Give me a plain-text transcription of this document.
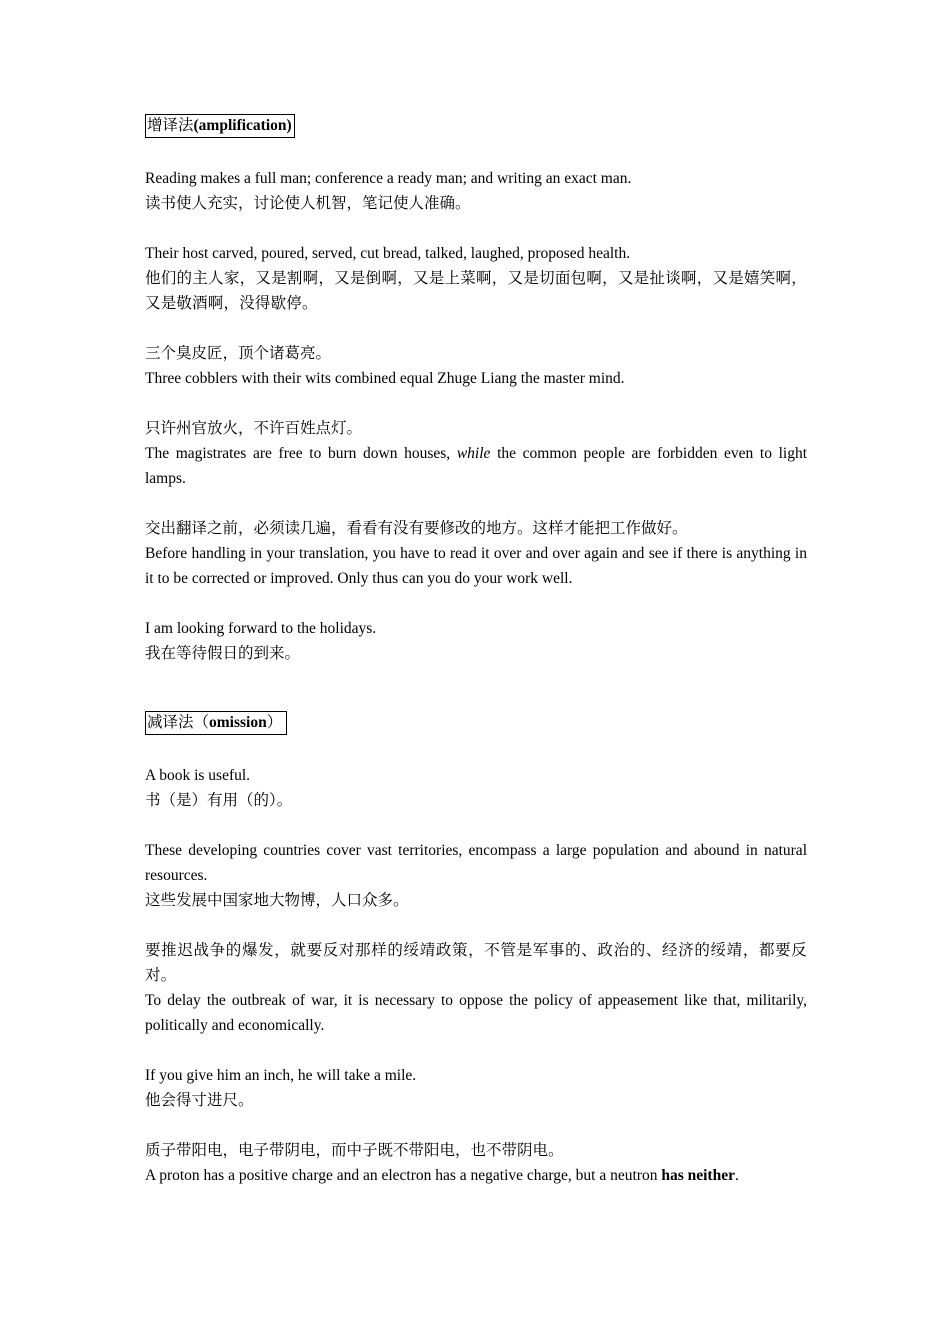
增译法(amplification)
Reading makes a full man; conference a ready man; and writing an exact man.
读书使人充实，讨论使人机智，笔记使人准确。
Their host carved, poured, served, cut bread, talked, laughed, proposed health.
他们的主人家，又是割啊，又是倒啊，又是上菜啊，又是切面包啊，又是扯谈啊，又是嬉笑啊，又是敬酒啊，没得歇停。
三个臭皮匠，顶个诸葛亮。
Three cobblers with their wits combined equal Zhuge Liang the master mind.
只许州官放火，不许百姓点灯。
The magistrates are free to burn down houses, while the common people are forbidden even to light lamps.
交出翻译之前，必须读几遍，看看有没有要修改的地方。这样才能把工作做好。
Before handling in your translation, you have to read it over and over again and see if there is anything in it to be corrected or improved. Only thus can you do your work well.
I am looking forward to the holidays.
我在等待假日的到来。
减译法（omission）
A book is useful.
书（是）有用（的）。
These developing countries cover vast territories, encompass a large population and abound in natural resources.
这些发展中国家地大物博，人口众多。
要推迟战争的爆发，就要反对那样的绥靖政策，不管是军事的、政治的、经济的绥靖，都要反对。
To delay the outbreak of war, it is necessary to oppose the policy of appeasement like that, militarily, politically and economically.
If you give him an inch, he will take a mile.
他会得寸进尺。
质子带阳电，电子带阴电，而中子既不带阳电，也不带阴电。
A proton has a positive charge and an electron has a negative charge, but a neutron has neither.
